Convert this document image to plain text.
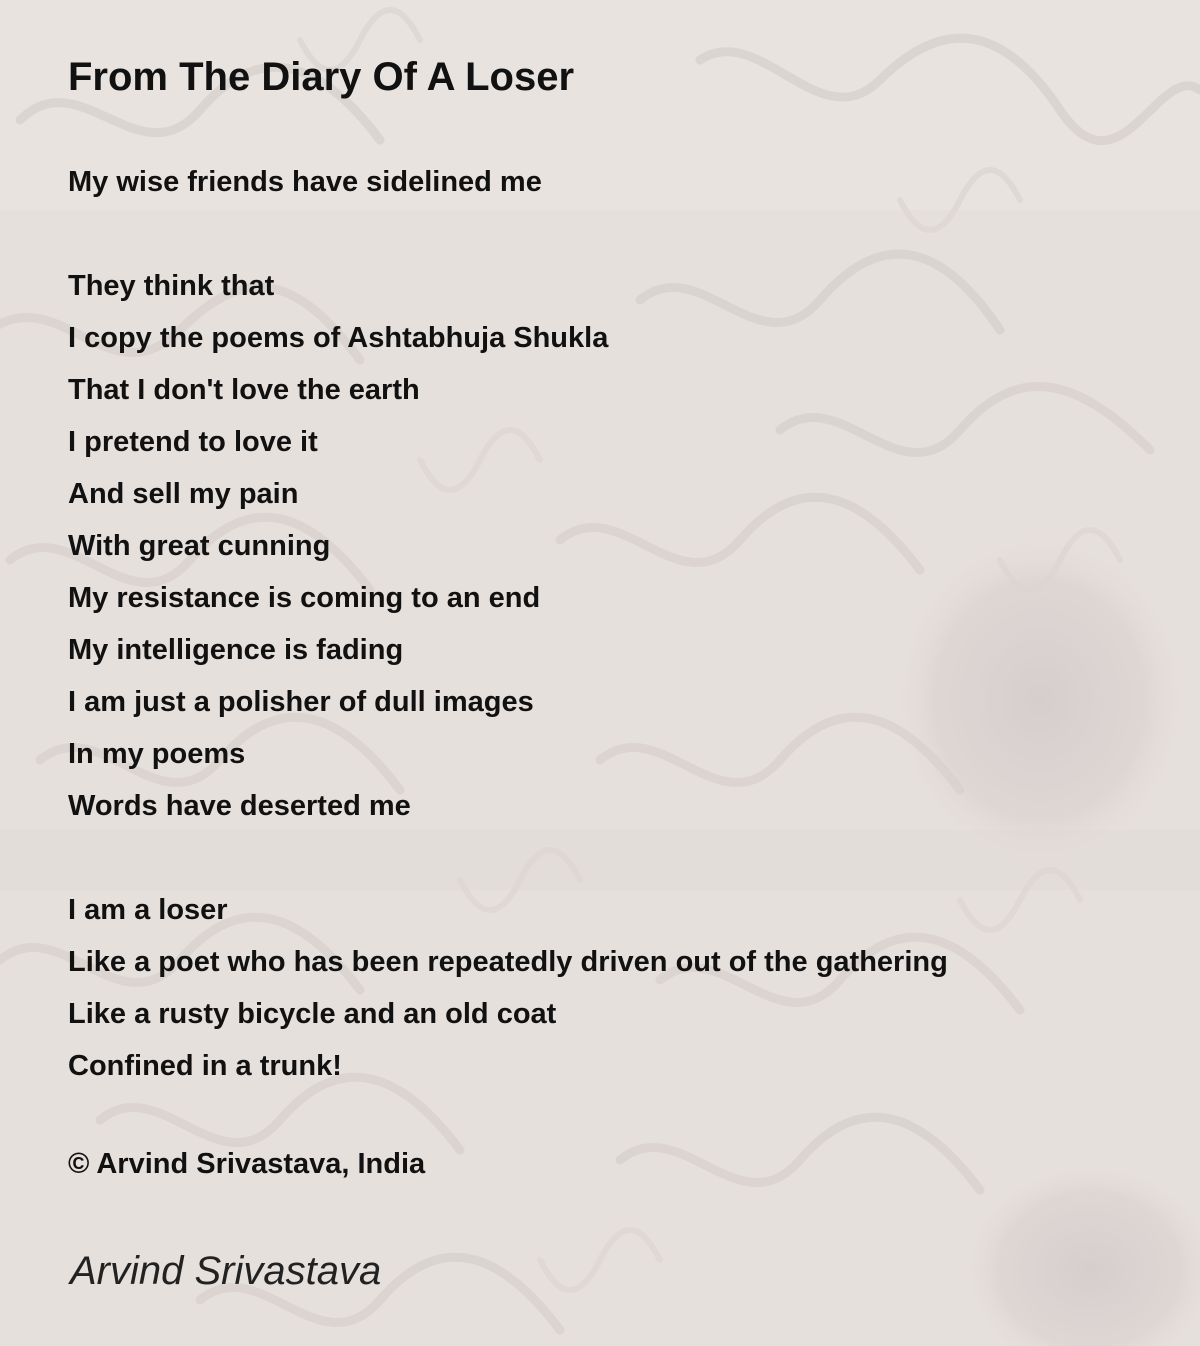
From The Diary Of A Loser
My wise friends have sidelined me
They think that
I copy the poems of Ashtabhuja Shukla
That I don't love the earth
I pretend to love it
And sell my pain
With great cunning
My resistance is coming to an end
My intelligence is fading
I am just a polisher of dull images
In my poems
Words have deserted me
I am a loser
Like a poet who has been repeatedly driven out of the gathering
Like a rusty bicycle and an old coat
Confined in a trunk!
© Arvind Srivastava, India
Arvind Srivastava
